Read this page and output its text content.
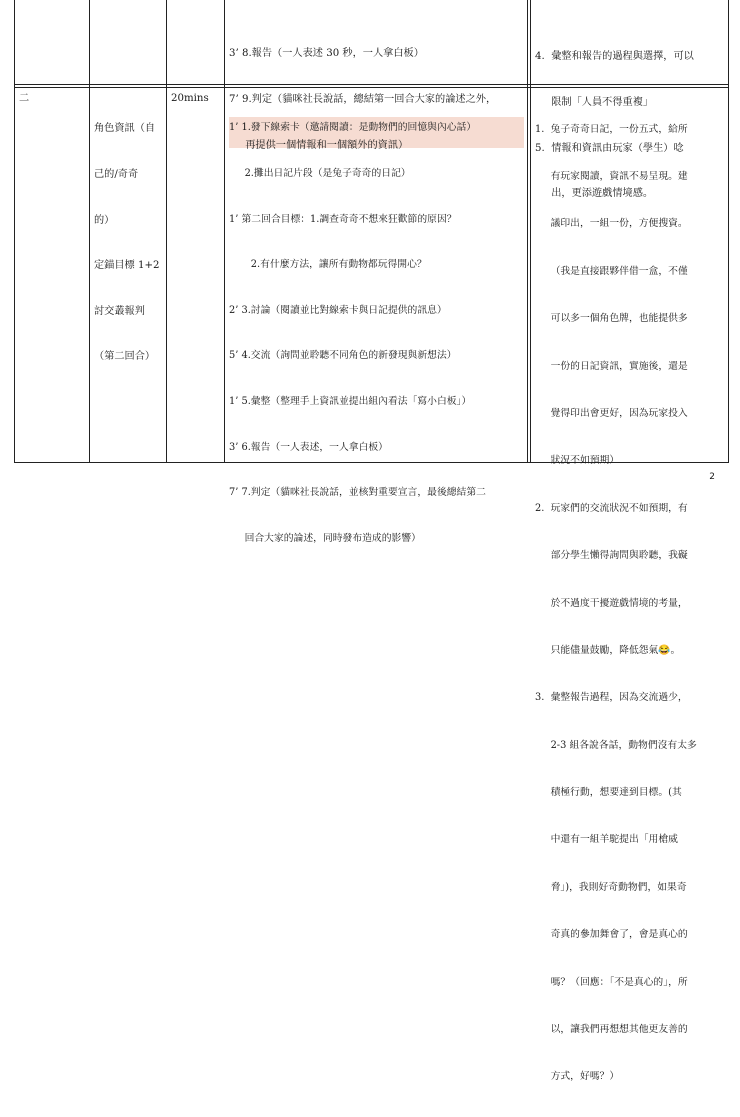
3’ 8.報告（一人表述 30 秒，一人拿白板）

7’ 9.判定（貓咪社長說話，總結第一回合大家的論述之外，

再提供一個情報和一個額外的資訊）

4.  彙整和報告的過程與選擇，可以

限制「人員不得重複」

5.  情報和資訊由玩家（學生）唸

出，更添遊戲情境感。

二

角色資訊（自

己的/奇奇

的）

定錨目標 1+2

討交叢報判

（第二回合）

20mins

1’ 1.發下線索卡（邀請閱讀：是動物們的回憶與內心話）

2.攤出日記片段（是兔子奇奇的日記）

1’ 第二回合目標：1.調查奇奇不想來狂歡節的原因？

2.有什麼方法，讓所有動物都玩得開心？

2’ 3.討論（閱讀並比對線索卡與日記提供的訊息）

5’ 4.交流（詢問並聆聽不同角色的新發現與新想法）

1’ 5.彙整（整理手上資訊並提出組內看法「寫小白板」）

3’ 6.報告（一人表述，一人拿白板）

7’ 7.判定（貓咪社長說話，並核對重要宣言，最後總結第二

回合大家的論述，同時發布造成的影響）

1.  兔子奇奇日記，一份五式，給所

有玩家閱讀，資訊不易呈現。建

議印出，一組一份，方便搜資。

（我是直接跟夥伴借一盒，不僅

可以多一個角色牌，也能提供多

一份的日記資訊，實施後，還是

覺得印出會更好，因為玩家投入

狀況不如預期）

2.  玩家們的交流狀況不如預期，有

部分學生懶得詢問與聆聽，我礙

於不過度干擾遊戲情境的考量，

只能儘量鼓勵，降低怨氣😂。

3.  彙整報告過程，因為交流過少，

2-3 組各說各話，動物們沒有太多

積極行動，想要達到目標。(其

中還有一組羊駝提出「用槍威

脅」)，我則好奇動物們，如果奇

奇真的參加舞會了，會是真心的

嗎？（回應：「不是真心的」，所

以，讓我們再想想其他更友善的

方式，好嗎？）

2
